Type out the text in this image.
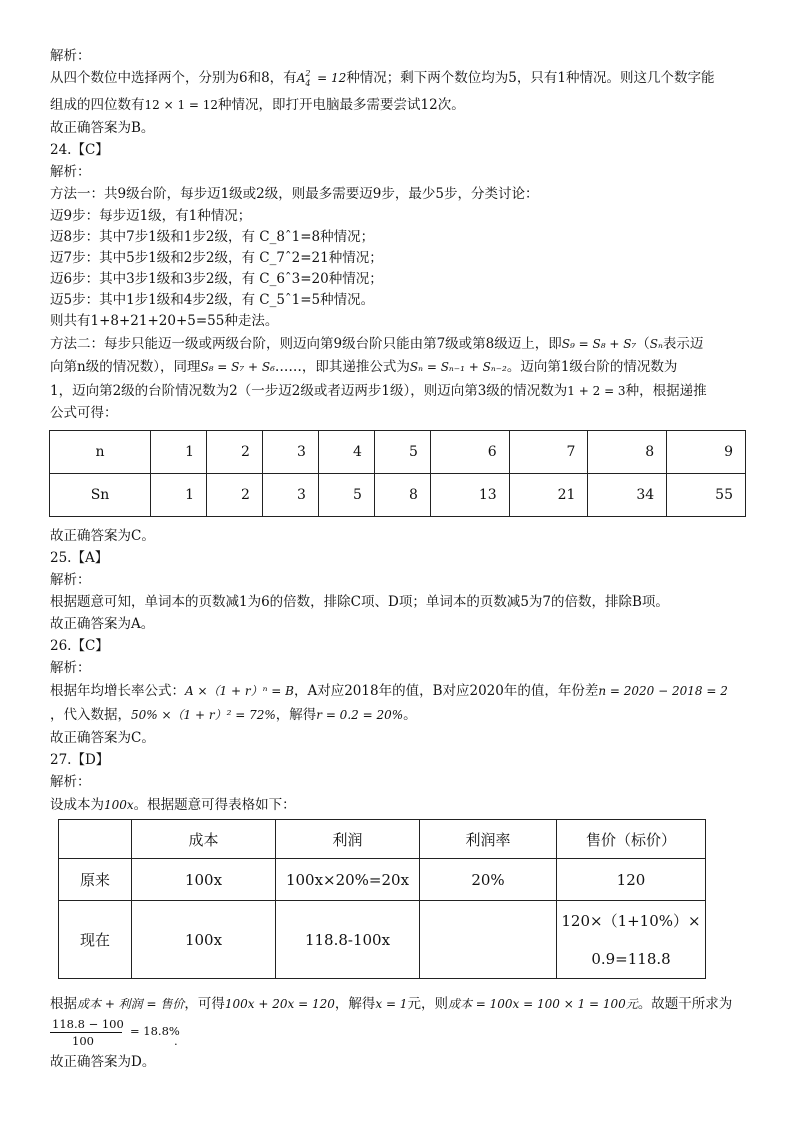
解析：
从四个数位中选择两个，分别为6和8，有A 2
4 = 12种情况；剩下两个数位均为5，只有1种情况。则这几个数字能
组成的四位数有12 × 1 = 12种情况，即打开电脑最多需要尝试12次。
故正确答案为B。
24.【C】
解析：
方法一：共9级台阶，每步迈1级或2级，则最多需要迈9步，最少5步，分类讨论：
迈9步：每步迈1级，有1种情况；
迈8步：其中7步1级和1步2级，有 C_8ˆ1=8种情况；
迈7步：其中5步1级和2步2级，有 C_7ˆ2=21种情况；
迈6步：其中3步1级和3步2级，有 C_6ˆ3=20种情况；
迈5步：其中1步1级和4步2级，有 C_5ˆ1=5种情况。
则共有1+8+21+20+5=55种走法。
方法二：每步只能迈一级或两级台阶，则迈向第9级台阶只能由第7级或第8级迈上，即S₉ = S₈ + S₇（Sₙ表示迈
向第n级的情况数），同理S₈ = S₇ + S₆……，即其递推公式为Sₙ = Sₙ₋₁ + Sₙ₋₂。迈向第1级台阶的情况数为
1，迈向第2级的台阶情况数为2（一步迈2级或者迈两步1级），则迈向第3级的情况数为1 + 2 = 3种，根据递推
公式可得：
n	1	2	3	4	5	6	7	8	9
Sn	1	2	3	5	8	13	21	34	55
故正确答案为C。
25.【A】
解析：
根据题意可知，单词本的页数减1为6的倍数，排除C项、D项；单词本的页数减5为7的倍数，排除B项。
故正确答案为A。
26.【C】
解析：
根据年均增长率公式：A ×（1 + r）ⁿ = B，A对应2018年的值，B对应2020年的值，年份差n = 2020 − 2018 = 2
，代入数据，50% ×（1 + r）² = 72%，解得r = 0.2 = 20%。
故正确答案为C。
27.【D】
解析：
设成本为100x。根据题意可得表格如下：
	成本	利润	利润率	售价（标价）
原来	100x	100x×20%=20x	20%	120
现在	100x	118.8-100x		120×（1+10%）×
0.9=118.8
根据成本 + 利润 = 售价，可得100x + 20x = 120，解得x = 1元，则成本 = 100x = 100 × 1 = 100元。故题干所求为
118.8 − 100 = 18.8%
100	.
故正确答案为D。
